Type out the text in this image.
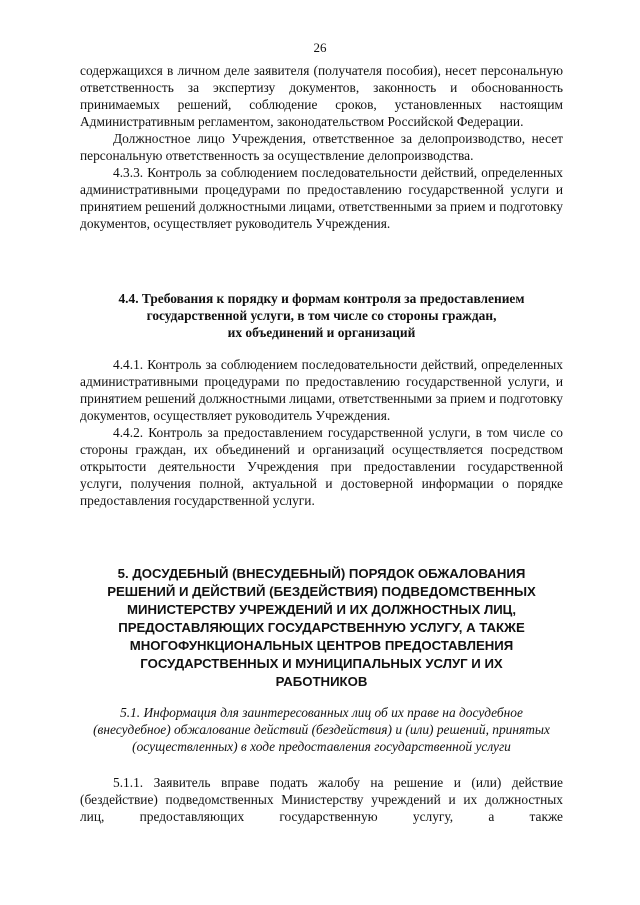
26

содержащихся в личном деле заявителя (получателя пособия), несет персональную ответственность за экспертизу документов, законность и обоснованность принимаемых решений, соблюдение сроков, установленных настоящим Административным регламентом, законодательством Российской Федерации.

Должностное лицо Учреждения, ответственное за делопроизводство, несет персональную ответственность за осуществление делопроизводства.

4.3.3. Контроль за соблюдением последовательности действий, определенных административными процедурами по предоставлению государственной услуги и принятием решений должностными лицами, ответственными за прием и подготовку документов, осуществляет руководитель Учреждения.

4.4. Требования к порядку и формам контроля за предоставлением
государственной услуги, в том числе со стороны граждан,
их объединений и организаций

4.4.1. Контроль за соблюдением последовательности действий, определенных административными процедурами по предоставлению государственной услуги, и принятием решений должностными лицами, ответственными за прием и подготовку документов, осуществляет руководитель Учреждения.

4.4.2. Контроль за предоставлением государственной услуги, в том числе со стороны граждан, их объединений и организаций осуществляется посредством открытости деятельности Учреждения при предоставлении государственной услуги, получения полной, актуальной и достоверной информации о порядке предоставления государственной услуги.

5. ДОСУДЕБНЫЙ (ВНЕСУДЕБНЫЙ) ПОРЯДОК ОБЖАЛОВАНИЯ
РЕШЕНИЙ И ДЕЙСТВИЙ (БЕЗДЕЙСТВИЯ) ПОДВЕДОМСТВЕННЫХ
МИНИСТЕРСТВУ УЧРЕЖДЕНИЙ И ИХ ДОЛЖНОСТНЫХ ЛИЦ,
ПРЕДОСТАВЛЯЮЩИХ ГОСУДАРСТВЕННУЮ УСЛУГУ, А ТАКЖЕ
МНОГОФУНКЦИОНАЛЬНЫХ ЦЕНТРОВ ПРЕДОСТАВЛЕНИЯ
ГОСУДАРСТВЕННЫХ И МУНИЦИПАЛЬНЫХ УСЛУГ И ИХ
РАБОТНИКОВ
5.1. Информация для заинтересованных лиц об их праве на досудебное
(внесудебное) обжалование действий (бездействия) и (или) решений, принятых
(осуществленных) в ходе предоставления государственной услуги

5.1.1. Заявитель вправе подать жалобу на решение и (или) действие (бездействие) подведомственных Министерству учреждений и их должностных лиц, предоставляющих государственную услугу, а также
